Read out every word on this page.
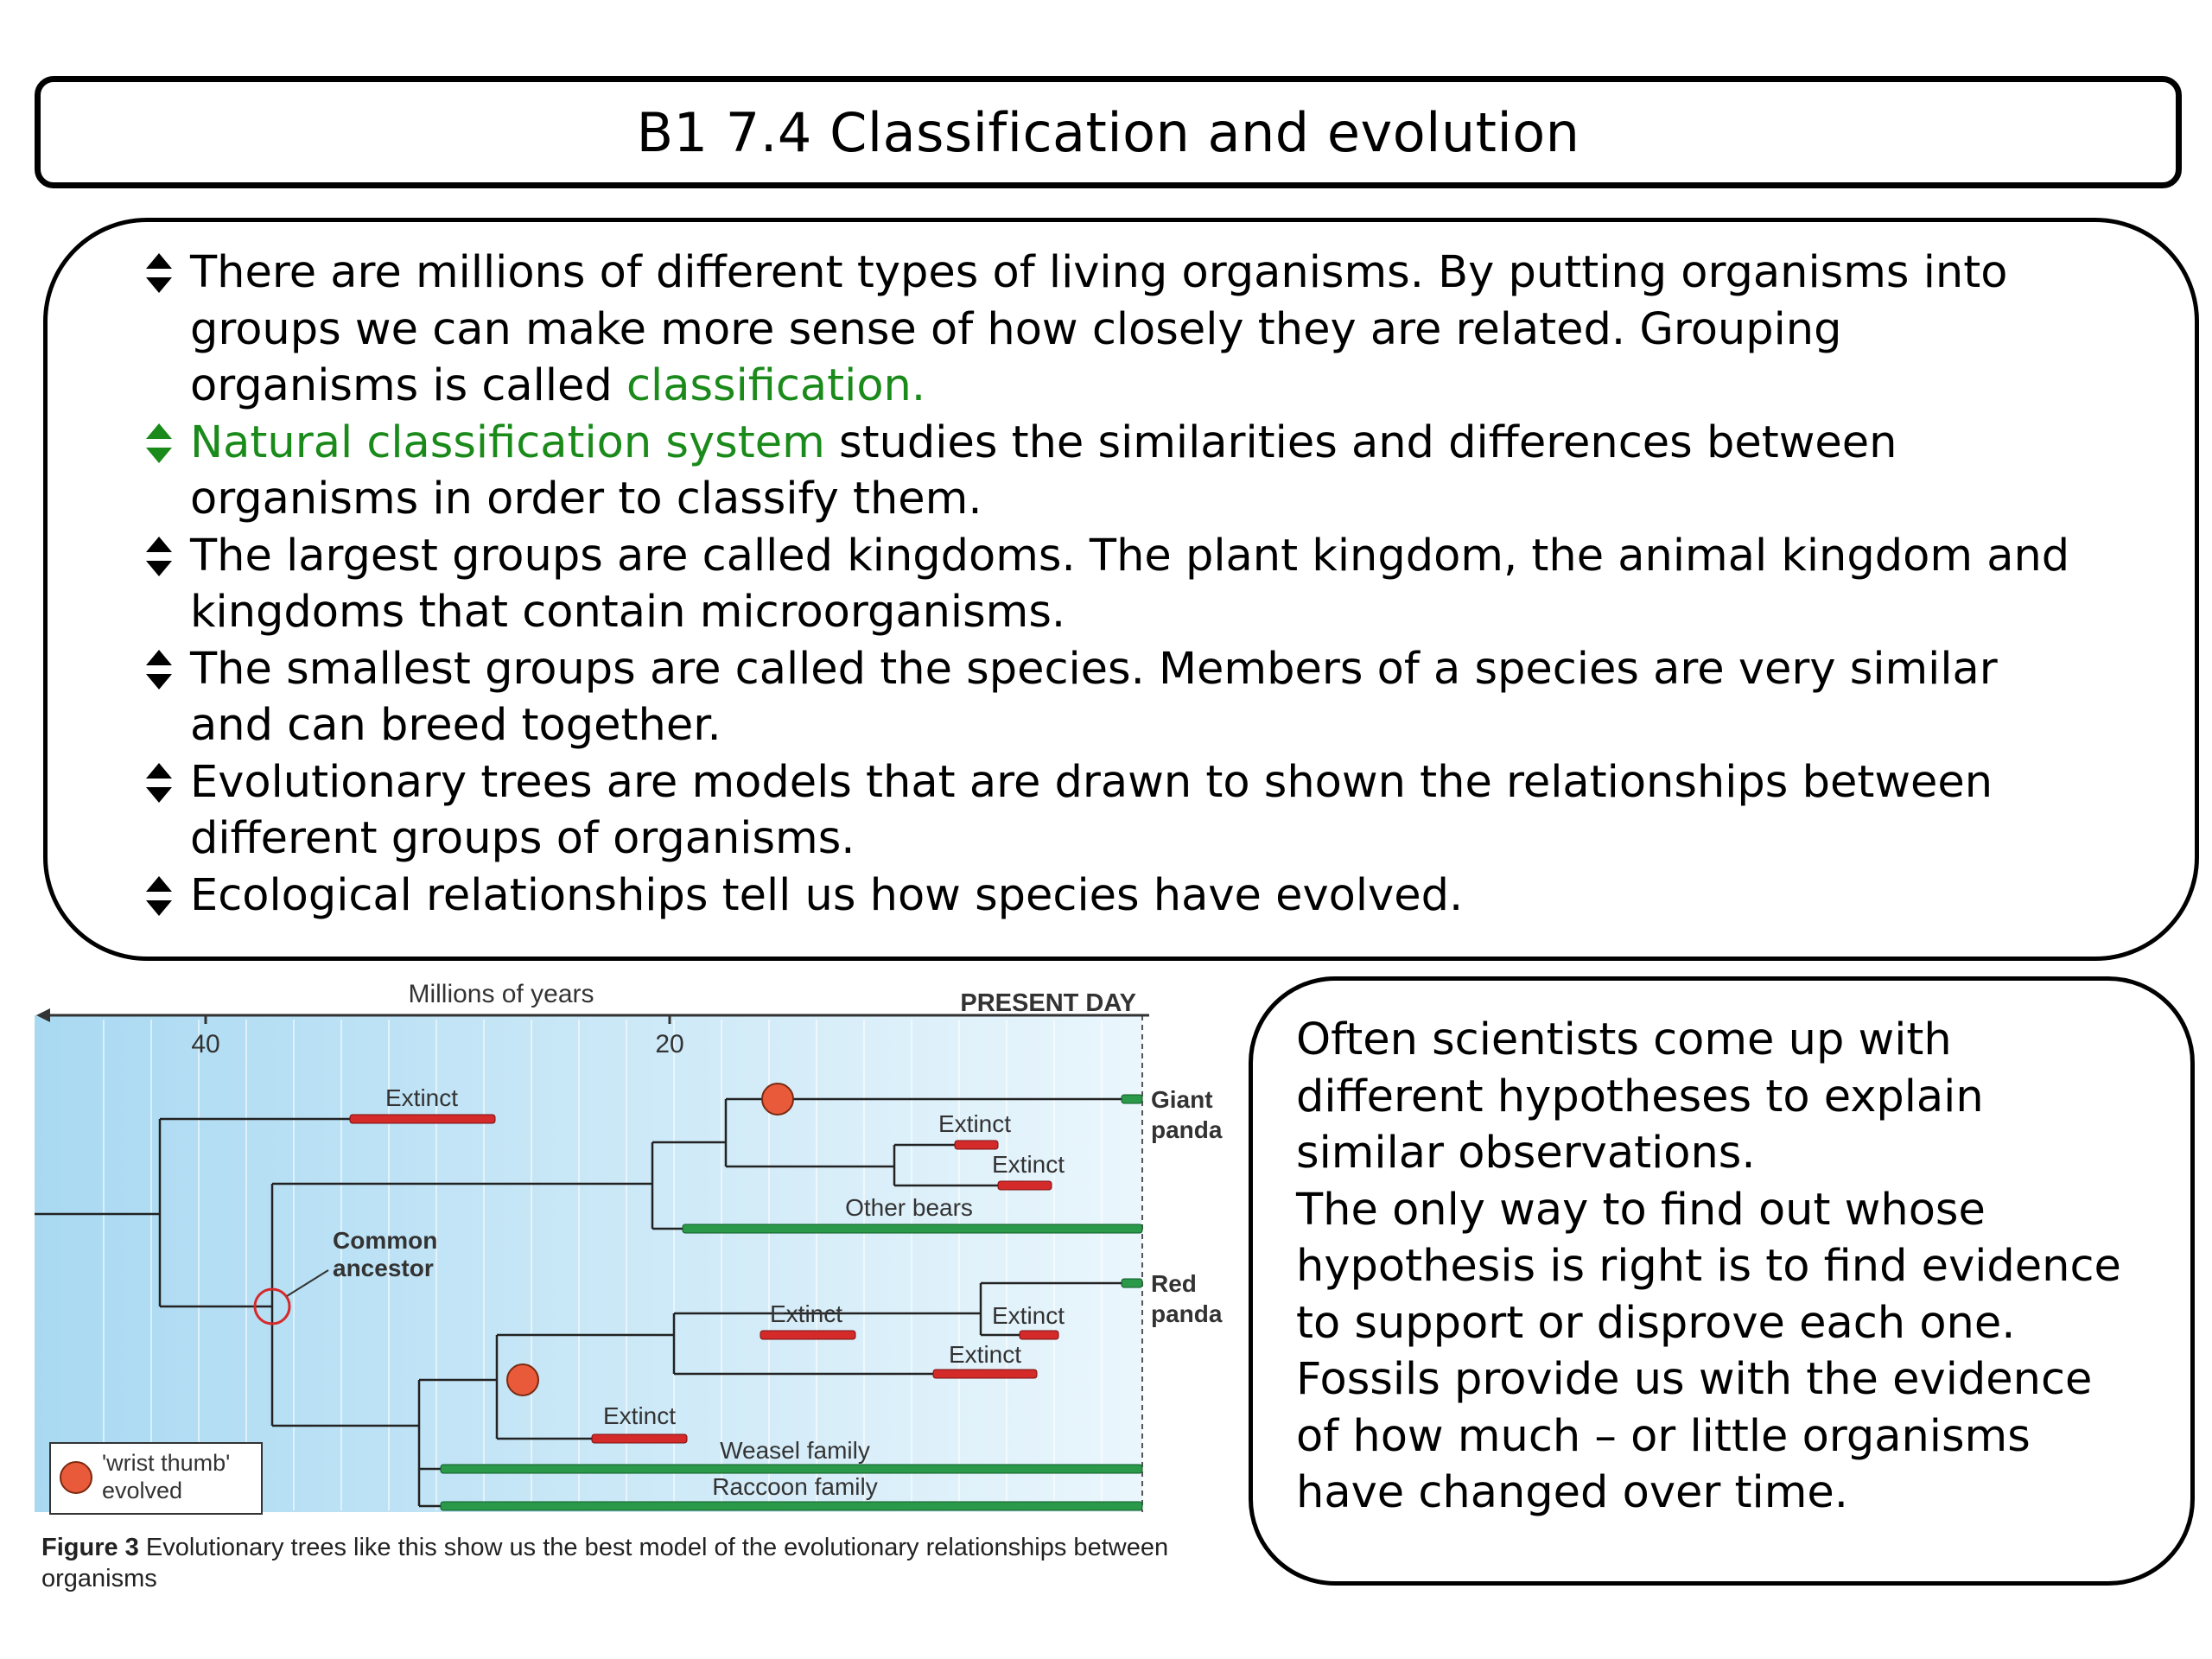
B1 7.4 Classification and evolution
There are millions of different types of living organisms. By putting organisms into groups we can make more sense of how closely they are related. Grouping organisms is called classification.
Natural classification system studies the similarities and differences between organisms in order to classify them.
The largest groups are called kingdoms. The plant kingdom, the animal kingdom and kingdoms that contain microorganisms.
The smallest groups are called the species. Members of a species are very similar and can breed together.
Evolutionary trees are models that are drawn to shown the relationships between different groups of organisms.
Ecological relationships tell us how species have evolved.
Millions of years	PRESENT DAY
40	20
Extinct
Extinct
Extinct
Other bears
Extinct
Extinct
Extinct
Extinct
Weasel family
Raccoon family
Common
ancestor
Giant
panda
Red
panda
'wrist thumb'
evolved
Figure 3 Evolutionary trees like this show us the best model of the evolutionary relationships between organisms

Often scientists come up with

different hypotheses to explain

similar observations.

The only way to find out whose

hypothesis is right is to find evidence

to support or disprove each one.

Fossils provide us with the evidence

of how much – or little organisms

have changed over time.
